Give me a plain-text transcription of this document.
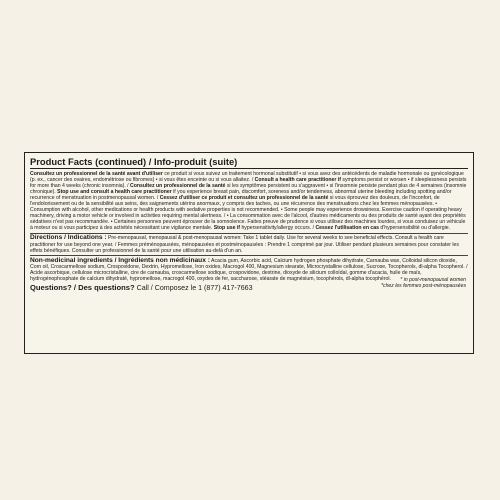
Product Facts (continued) / Info-produit (suite)

Consultez un professionnel de la santé avant d'utiliser ce produit si vous suivez un traitement hormonal substitutif • si vous avez des antécédents de maladie hormonale ou gynécologique (p. ex., cancer des ovaires, endométriose ou fibromes) • si vous êtes enceinte ou si vous allaitez. / Consult a health care practitioner if symptoms persist or worsen • if sleeplessness persists for more than 4 weeks (chronic insomnia). / Consultez un professionnel de la santé si les symptômes persistent ou s'aggravent • si l'insomnie persiste pendant plus de 4 semaines (insomnie chronique). Stop use and consult a health care practitioner if you experience breast pain, discomfort, soreness and/or tenderness, abnormal uterine bleeding including spotting and/or recurrence of menstruation in postmenopausal women. / Cessez d'utiliser ce produit et consultez un professionnel de la santé si vous éprouvez des douleurs, de l'inconfort, de l'endolorissement ou de la sensibilité aux seins, des saignements utérins anormaux, y compris des taches, ou une récurrence des menstruations chez les femmes ménopausées. • Consumption with alcohol, other medications or health products with sedative properties is not recommended. • Some people may experience drowsiness. Exercise caution if operating heavy machinery, driving a motor vehicle or involved in activities requiring mental alertness. / • La consommation avec de l'alcool, d'autres médicaments ou des produits de santé ayant des propriétés sédatives n'est pas recommandée. • Certaines personnes peuvent éprouver de la somnolence. Faites preuve de prudence si vous utilisez des machines lourdes, si vous conduisez un véhicule à moteur ou si vous participez à des activités nécessitant une vigilance mentale. Stop use if hypersensitivity/allergy occurs. / Cessez l'utilisation en cas d'hypersensibilité ou d'allergie.

Directions / Indications : Pre-menopausal, menopausal & post-menopausal women: Take 1 tablet daily. Use for several weeks to see beneficial effects. Consult a health care practitioner for use beyond one year. / Femmes préménopausées, ménopausées et postménopausées : Prendre 1 comprimé par jour. Utiliser pendant plusieurs semaines pour constater les effets bénéfiques. Consulter un professionnel de la santé pour une utilisation au-delà d'un an.

Non-medicinal ingredients / Ingrédients non médicinaux : Acacia gum, Ascorbic acid, Calcium hydrogen phosphate dihydrate, Carnauba wax, Colloidal silicon dioxide, Corn oil, Croscarmellose sodium, Crospovidone, Dextrin, Hypromellose, Iron oxides, Macrogol 400, Magnesium stearate, Microcrystalline cellulose, Sucrose, Tocopherols, dl-alpha Tocopherol. / Acide ascorbique, cellulose microcristalline, cire de carnauba, croscarmellose sodique, crospovidone, dextrine, dioxyde de silicium colloïdal, gomme d'acacia, huile de maïs, hydrogénophosphate de calcium dihydraté, hypromellose, macrogol 400, oxydes de fer, saccharose, stéarate de magnésium, tocophérols, dl-alpha tocophérol.

Questions? / Des questions? Call / Composez le 1 (877) 417-7663
* in post-menopausal women
*chez les femmes post-ménopausées
